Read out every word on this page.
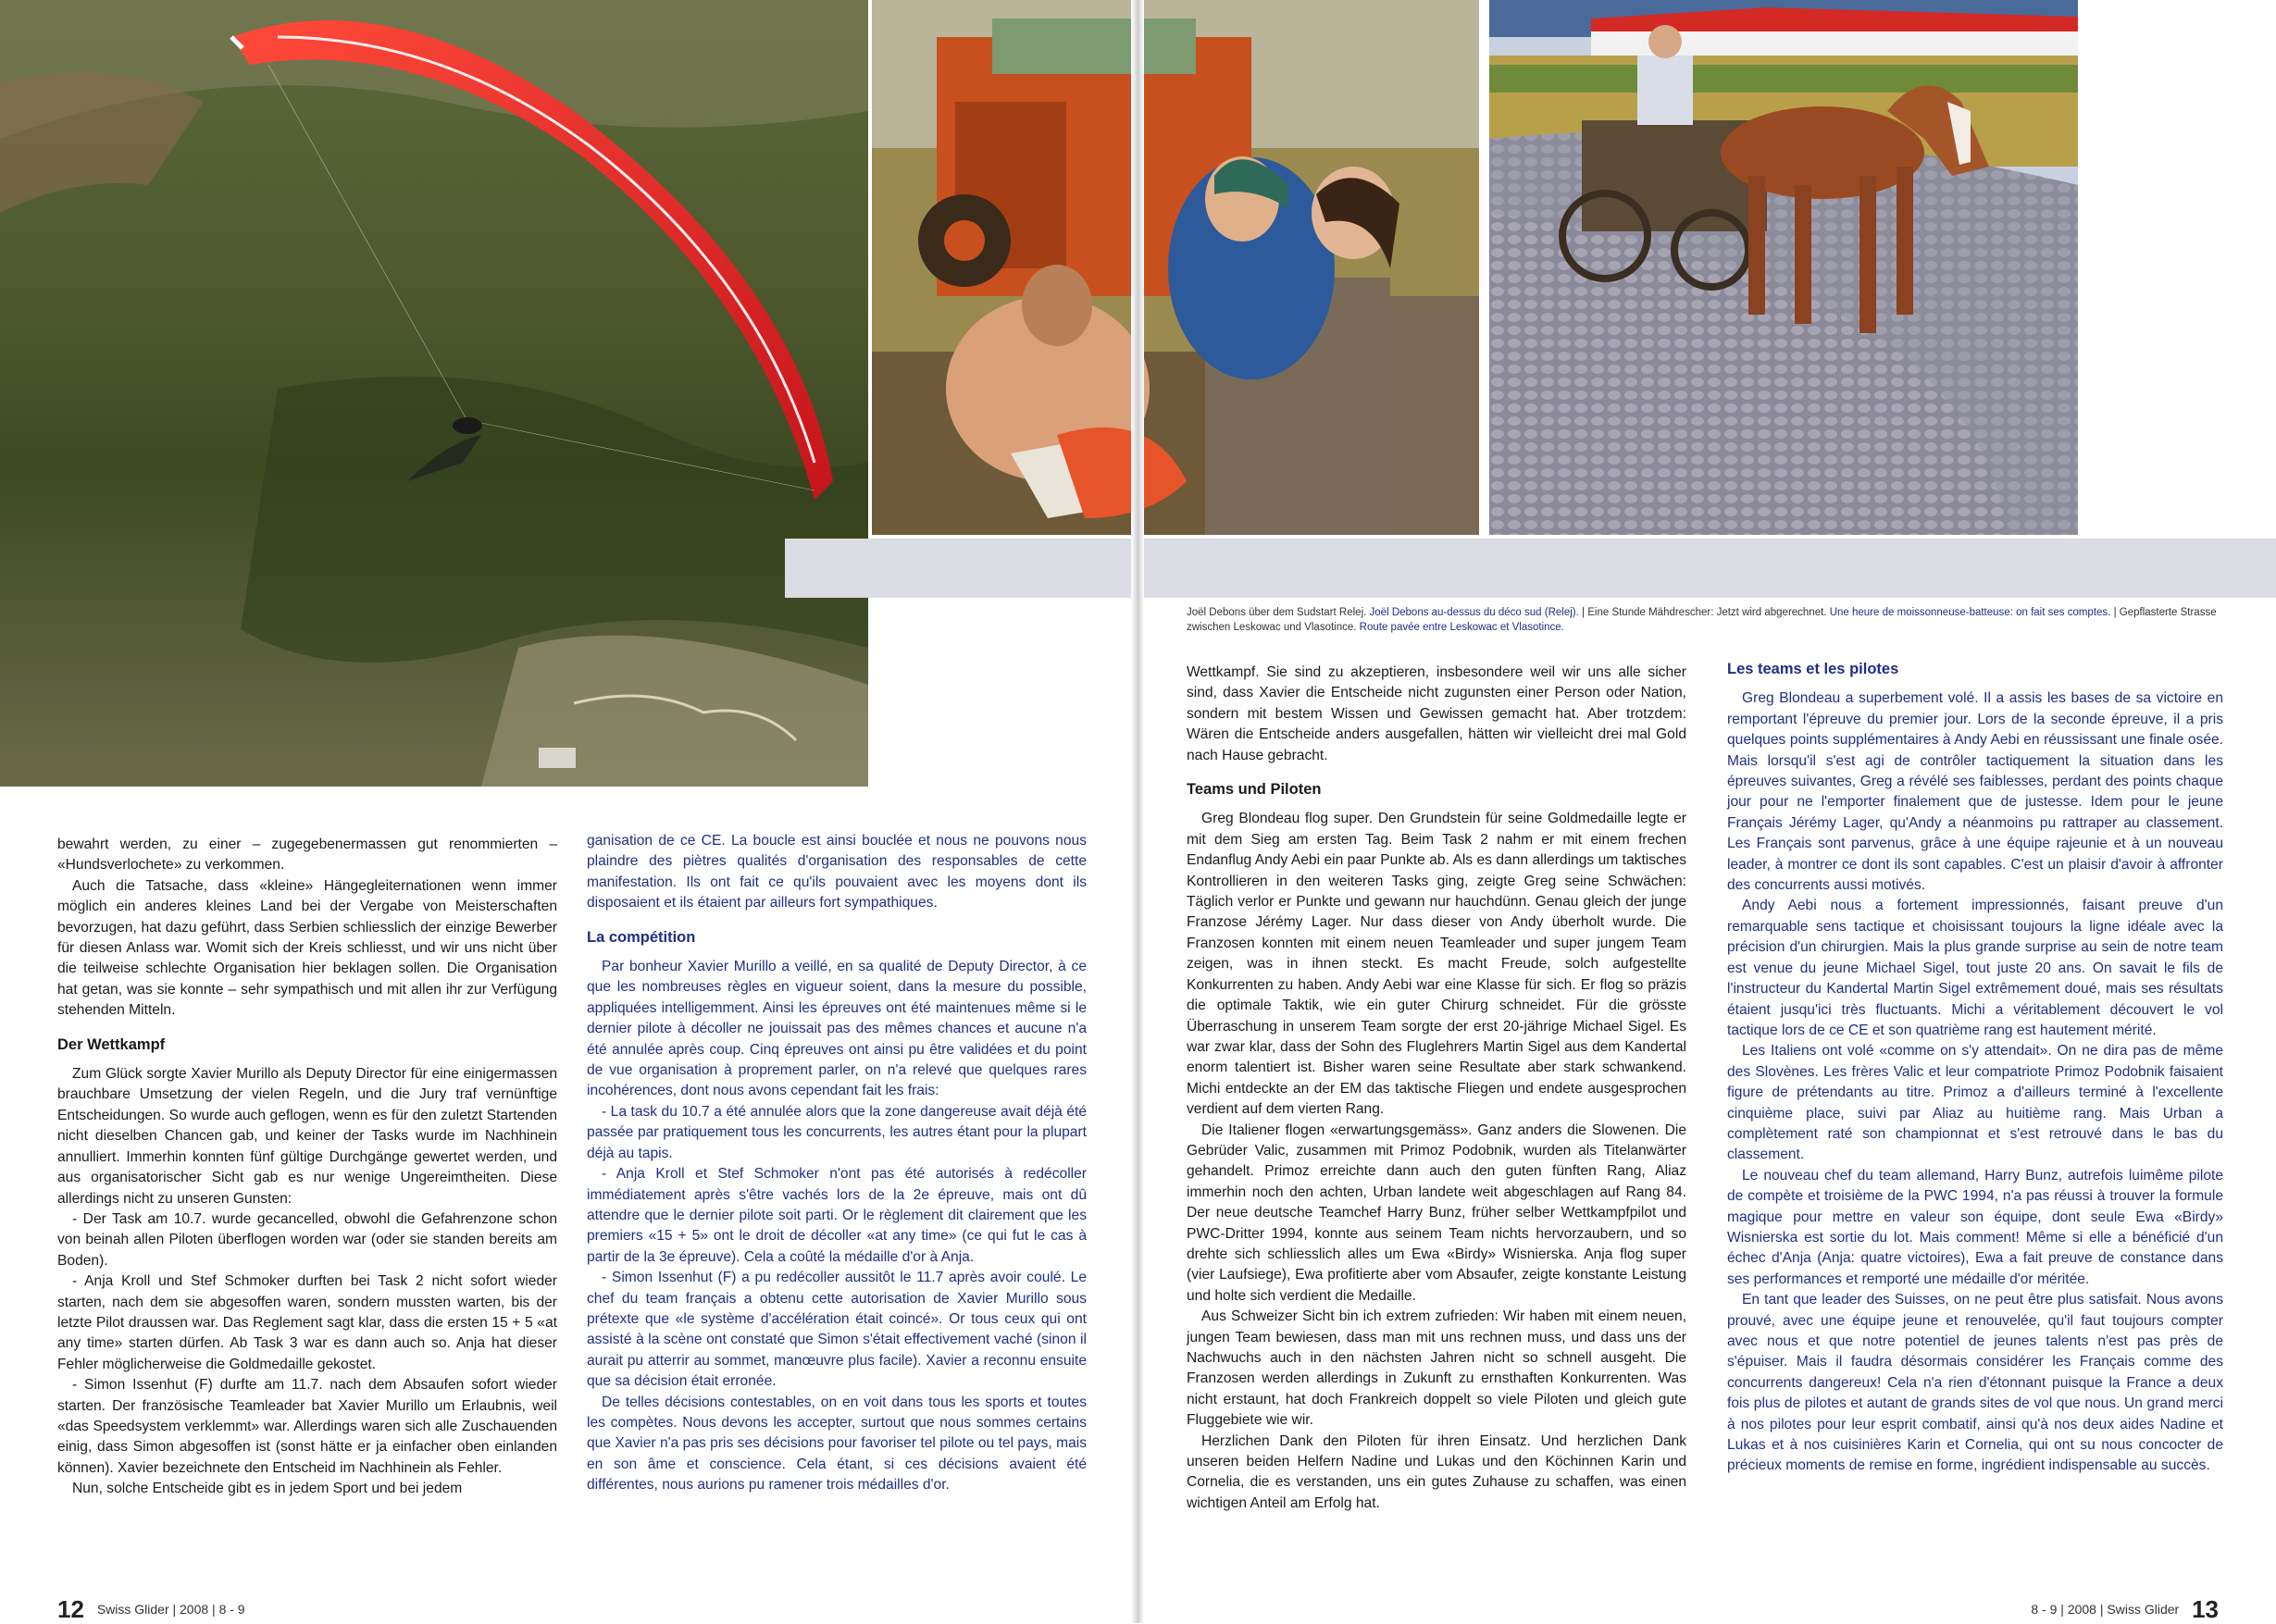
Joël Debons über dem Sudstart Relej. Joël Debons au-dessus du déco sud (Relej). | Eine Stunde Mähdrescher: Jetzt wird abgerechnet. Une heure de moissonneuse-batteuse: on fait ses comptes. | Gepflasterte Strasse zwischen Leskowac und Vlasotince. Route pavée entre Leskowac et Vlasotince.

bewahrt werden, zu einer – zugegebenermassen gut renommierten – «Hundsverlochete» zu verkommen.

Auch die Tatsache, dass «kleine» Hängegleiternationen wenn immer möglich ein anderes kleines Land bei der Vergabe von Meisterschaften bevorzugen, hat dazu geführt, dass Serbien schliesslich der einzige Bewerber für diesen Anlass war. Womit sich der Kreis schliesst, und wir uns nicht über die teilweise schlechte Organisation hier beklagen sollen. Die Organisation hat getan, was sie konnte – sehr sympathisch und mit allen ihr zur Verfügung stehenden Mitteln.

Der Wettkampf

Zum Glück sorgte Xavier Murillo als Deputy Director für eine einigermassen brauchbare Umsetzung der vielen Regeln, und die Jury traf vernünftige Entscheidungen. So wurde auch geflogen, wenn es für den zuletzt Startenden nicht dieselben Chancen gab, und keiner der Tasks wurde im Nachhinein annulliert. Immerhin konnten fünf gültige Durchgänge gewertet werden, und aus organisatorischer Sicht gab es nur wenige Ungereimtheiten. Diese allerdings nicht zu unseren Gunsten:

- Der Task am 10.7. wurde gecancelled, obwohl die Gefahrenzone schon von beinah allen Piloten überflogen worden war (oder sie standen bereits am Boden).

- Anja Kroll und Stef Schmoker durften bei Task 2 nicht sofort wieder starten, nach dem sie abgesoffen waren, sondern mussten warten, bis der letzte Pilot draussen war. Das Reglement sagt klar, dass die ersten 15 + 5 «at any time» starten dürfen. Ab Task 3 war es dann auch so. Anja hat dieser Fehler möglicherweise die Goldmedaille gekostet.

- Simon Issenhut (F) durfte am 11.7. nach dem Absaufen sofort wieder starten. Der französische Teamleader bat Xavier Murillo um Erlaubnis, weil «das Speedsystem verklemmt» war. Allerdings waren sich alle Zuschauenden einig, dass Simon abgesoffen ist (sonst hätte er ja einfacher oben einlanden können). Xavier bezeichnete den Entscheid im Nachhinein als Fehler.

Nun, solche Entscheide gibt es in jedem Sport und bei jedem

ganisation de ce CE. La boucle est ainsi bouclée et nous ne pouvons nous plaindre des piètres qualités d'organisation des responsables de cette manifestation. Ils ont fait ce qu'ils pouvaient avec les moyens dont ils disposaient et ils étaient par ailleurs fort sympathiques.

La compétition

Par bonheur Xavier Murillo a veillé, en sa qualité de Deputy Director, à ce que les nombreuses règles en vigueur soient, dans la mesure du possible, appliquées intelligemment. Ainsi les épreuves ont été maintenues même si le dernier pilote à décoller ne jouissait pas des mêmes chances et aucune n'a été annulée après coup. Cinq épreuves ont ainsi pu être validées et du point de vue organisation à proprement parler, on n'a relevé que quelques rares incohérences, dont nous avons cependant fait les frais:

- La task du 10.7 a été annulée alors que la zone dangereuse avait déjà été passée par pratiquement tous les concurrents, les autres étant pour la plupart déjà au tapis.

- Anja Kroll et Stef Schmoker n'ont pas été autorisés à redécoller immédiatement après s'être vachés lors de la 2e épreuve, mais ont dû attendre que le dernier pilote soit parti. Or le règlement dit clairement que les premiers «15 + 5» ont le droit de décoller «at any time» (ce qui fut le cas à partir de la 3e épreuve). Cela a coûté la médaille d'or à Anja.

- Simon Issenhut (F) a pu redécoller aussitôt le 11.7 après avoir coulé. Le chef du team français a obtenu cette autorisation de Xavier Murillo sous prétexte que «le système d'accélération était coincé». Or tous ceux qui ont assisté à la scène ont constaté que Simon s'était effectivement vaché (sinon il aurait pu atterrir au sommet, manœuvre plus facile). Xavier a reconnu ensuite que sa décision était erronée.

De telles décisions contestables, on en voit dans tous les sports et toutes les compètes. Nous devons les accepter, surtout que nous sommes certains que Xavier n'a pas pris ses décisions pour favoriser tel pilote ou tel pays, mais en son âme et conscience. Cela étant, si ces décisions avaient été différentes, nous aurions pu ramener trois médailles d'or.

Wettkampf. Sie sind zu akzeptieren, insbesondere weil wir uns alle sicher sind, dass Xavier die Entscheide nicht zugunsten einer Person oder Nation, sondern mit bestem Wissen und Gewissen gemacht hat. Aber trotzdem: Wären die Entscheide anders ausgefallen, hätten wir vielleicht drei mal Gold nach Hause gebracht.

Teams und Piloten

Greg Blondeau flog super. Den Grundstein für seine Goldmedaille legte er mit dem Sieg am ersten Tag. Beim Task 2 nahm er mit einem frechen Endanflug Andy Aebi ein paar Punkte ab. Als es dann allerdings um taktisches Kontrollieren in den weiteren Tasks ging, zeigte Greg seine Schwächen: Täglich verlor er Punkte und gewann nur hauchdünn. Genau gleich der junge Franzose Jérémy Lager. Nur dass dieser von Andy überholt wurde. Die Franzosen konnten mit einem neuen Teamleader und super jungem Team zeigen, was in ihnen steckt. Es macht Freude, solch aufgestellte Konkurrenten zu haben. Andy Aebi war eine Klasse für sich. Er flog so präzis die optimale Taktik, wie ein guter Chirurg schneidet. Für die grösste Überraschung in unserem Team sorgte der erst 20-jährige Michael Sigel. Es war zwar klar, dass der Sohn des Fluglehrers Martin Sigel aus dem Kandertal enorm talentiert ist. Bisher waren seine Resultate aber stark schwankend. Michi entdeckte an der EM das taktische Fliegen und endete ausgesprochen verdient auf dem vierten Rang.

Die Italiener flogen «erwartungsgemäss». Ganz anders die Slowenen. Die Gebrüder Valic, zusammen mit Primoz Podobnik, wurden als Titelanwärter gehandelt. Primoz erreichte dann auch den guten fünften Rang, Aliaz immerhin noch den achten, Urban landete weit abgeschlagen auf Rang 84. Der neue deutsche Teamchef Harry Bunz, früher selber Wettkampfpilot und PWC-Dritter 1994, konnte aus seinem Team nichts hervorzaubern, und so drehte sich schliesslich alles um Ewa «Birdy» Wisnierska. Anja flog super (vier Laufsiege), Ewa profitierte aber vom Absaufer, zeigte konstante Leistung und holte sich verdient die Medaille.

Aus Schweizer Sicht bin ich extrem zufrieden: Wir haben mit einem neuen, jungen Team bewiesen, dass man mit uns rechnen muss, und dass uns der Nachwuchs auch in den nächsten Jahren nicht so schnell ausgeht. Die Franzosen werden allerdings in Zukunft zu ernsthaften Konkurrenten. Was nicht erstaunt, hat doch Frankreich doppelt so viele Piloten und gleich gute Fluggebiete wie wir.

Herzlichen Dank den Piloten für ihren Einsatz. Und herzlichen Dank unseren beiden Helfern Nadine und Lukas und den Köchinnen Karin und Cornelia, die es verstanden, uns ein gutes Zuhause zu schaffen, was einen wichtigen Anteil am Erfolg hat.

Les teams et les pilotes

Greg Blondeau a superbement volé. Il a assis les bases de sa victoire en remportant l'épreuve du premier jour. Lors de la seconde épreuve, il a pris quelques points supplémentaires à Andy Aebi en réussissant une finale osée. Mais lorsqu'il s'est agi de contrôler tactiquement la situation dans les épreuves suivantes, Greg a révélé ses faiblesses, perdant des points chaque jour pour ne l'emporter finalement que de justesse. Idem pour le jeune Français Jérémy Lager, qu'Andy a néanmoins pu rattraper au classement. Les Français sont parvenus, grâce à une équipe rajeunie et à un nouveau leader, à montrer ce dont ils sont capables. C'est un plaisir d'avoir à affronter des concurrents aussi motivés.

Andy Aebi nous a fortement impressionnés, faisant preuve d'un remarquable sens tactique et choisissant toujours la ligne idéale avec la précision d'un chirurgien. Mais la plus grande surprise au sein de notre team est venue du jeune Michael Sigel, tout juste 20 ans. On savait le fils de l'instructeur du Kandertal Martin Sigel extrêmement doué, mais ses résultats étaient jusqu'ici très fluctuants. Michi a véritablement découvert le vol tactique lors de ce CE et son quatrième rang est hautement mérité.

Les Italiens ont volé «comme on s'y attendait». On ne dira pas de même des Slovènes. Les frères Valic et leur compatriote Primoz Podobnik faisaient figure de prétendants au titre. Primoz a d'ailleurs terminé à l'excellente cinquième place, suivi par Aliaz au huitième rang. Mais Urban a complètement raté son championnat et s'est retrouvé dans le bas du classement.

Le nouveau chef du team allemand, Harry Bunz, autrefois luimême pilote de compète et troisième de la PWC 1994, n'a pas réussi à trouver la formule magique pour mettre en valeur son équipe, dont seule Ewa «Birdy» Wisnierska est sortie du lot. Mais comment! Même si elle a bénéficié d'un échec d'Anja (Anja: quatre victoires), Ewa a fait preuve de constance dans ses performances et remporté une médaille d'or méritée.

En tant que leader des Suisses, on ne peut être plus satisfait. Nous avons prouvé, avec une équipe jeune et renouvelée, qu'il faut toujours compter avec nous et que notre potentiel de jeunes talents n'est pas près de s'épuiser. Mais il faudra désormais considérer les Français comme des concurrents dangereux! Cela n'a rien d'étonnant puisque la France a deux fois plus de pilotes et autant de grands sites de vol que nous. Un grand merci à nos pilotes pour leur esprit combatif, ainsi qu'à nos deux aides Nadine et Lukas et à nos cuisinières Karin et Cornelia, qui ont su nous concocter de précieux moments de remise en forme, ingrédient indispensable au succès.

12 Swiss Glider | 2008 | 8 - 9	8 - 9 | 2008 | Swiss Glider 13
